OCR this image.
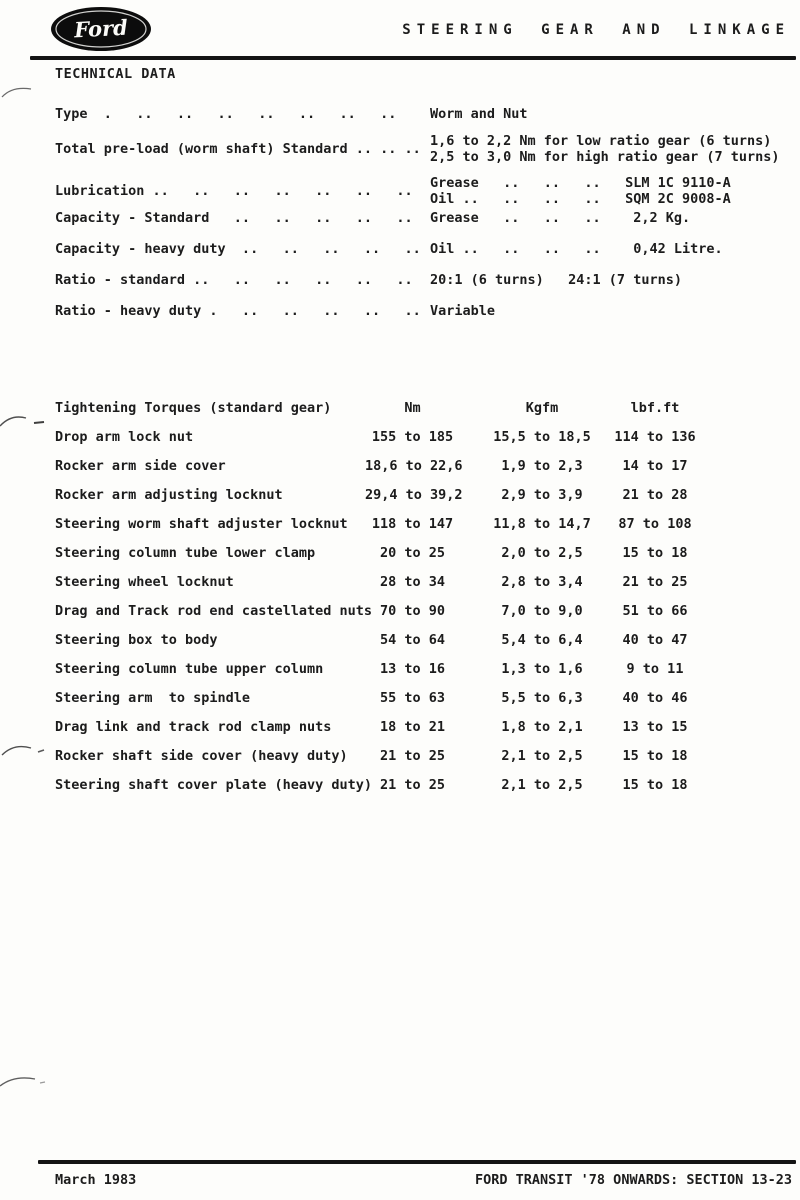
Ford	STEERING GEAR AND LINKAGE
TECHNICAL DATA
Type  .   ..   ..   ..   ..   ..   ..   ..	Worm and Nut
Total pre-load (worm shaft) Standard .. .. .. 1,6 to 2,2 Nm for low ratio gear (6 turns)
2,5 to 3,0 Nm for high ratio gear (7 turns)
Lubrication ..   ..   ..   ..   ..   ..   ..	Grease   ..   ..   ..   SLM 1C 9110-A
Oil ..   ..   ..   ..   SQM 2C 9008-A
Capacity - Standard   ..   ..   ..   ..   ..	Grease   ..   ..   ..    2,2 Kg.
Capacity - heavy duty  ..   ..   ..   ..   .. Oil ..   ..   ..   ..    0,42 Litre.
Ratio - standard ..   ..   ..   ..   ..   ..	20:1 (6 turns)   24:1 (7 turns)
Ratio - heavy duty .   ..   ..   ..   ..   .. Variable
Tightening Torques (standard gear)	Nm	Kgfm	lbf.ft
Drop arm lock nut	155 to 185	15,5 to 18,5	114 to 136
Rocker arm side cover	18,6 to 22,6	1,9 to 2,3	14 to 17
Rocker arm adjusting locknut	29,4 to 39,2	2,9 to 3,9	21 to 28
Steering worm shaft adjuster locknut	118 to 147	11,8 to 14,7	87 to 108
Steering column tube lower clamp	20 to 25	2,0 to 2,5	15 to 18
Steering wheel locknut	28 to 34	2,8 to 3,4	21 to 25
Drag and Track rod end castellated nuts 70 to 90	7,0 to 9,0	51 to 66
Steering box to body	54 to 64	5,4 to 6,4	40 to 47
Steering column tube upper column	13 to 16	1,3 to 1,6	9 to 11
Steering arm  to spindle	55 to 63	5,5 to 6,3	40 to 46
Drag link and track rod clamp nuts	18 to 21	1,8 to 2,1	13 to 15
Rocker shaft side cover (heavy duty)	21 to 25	2,1 to 2,5	15 to 18
Steering shaft cover plate (heavy duty) 21 to 25	2,1 to 2,5	15 to 18
March 1983	FORD TRANSIT '78 ONWARDS: SECTION 13-23
